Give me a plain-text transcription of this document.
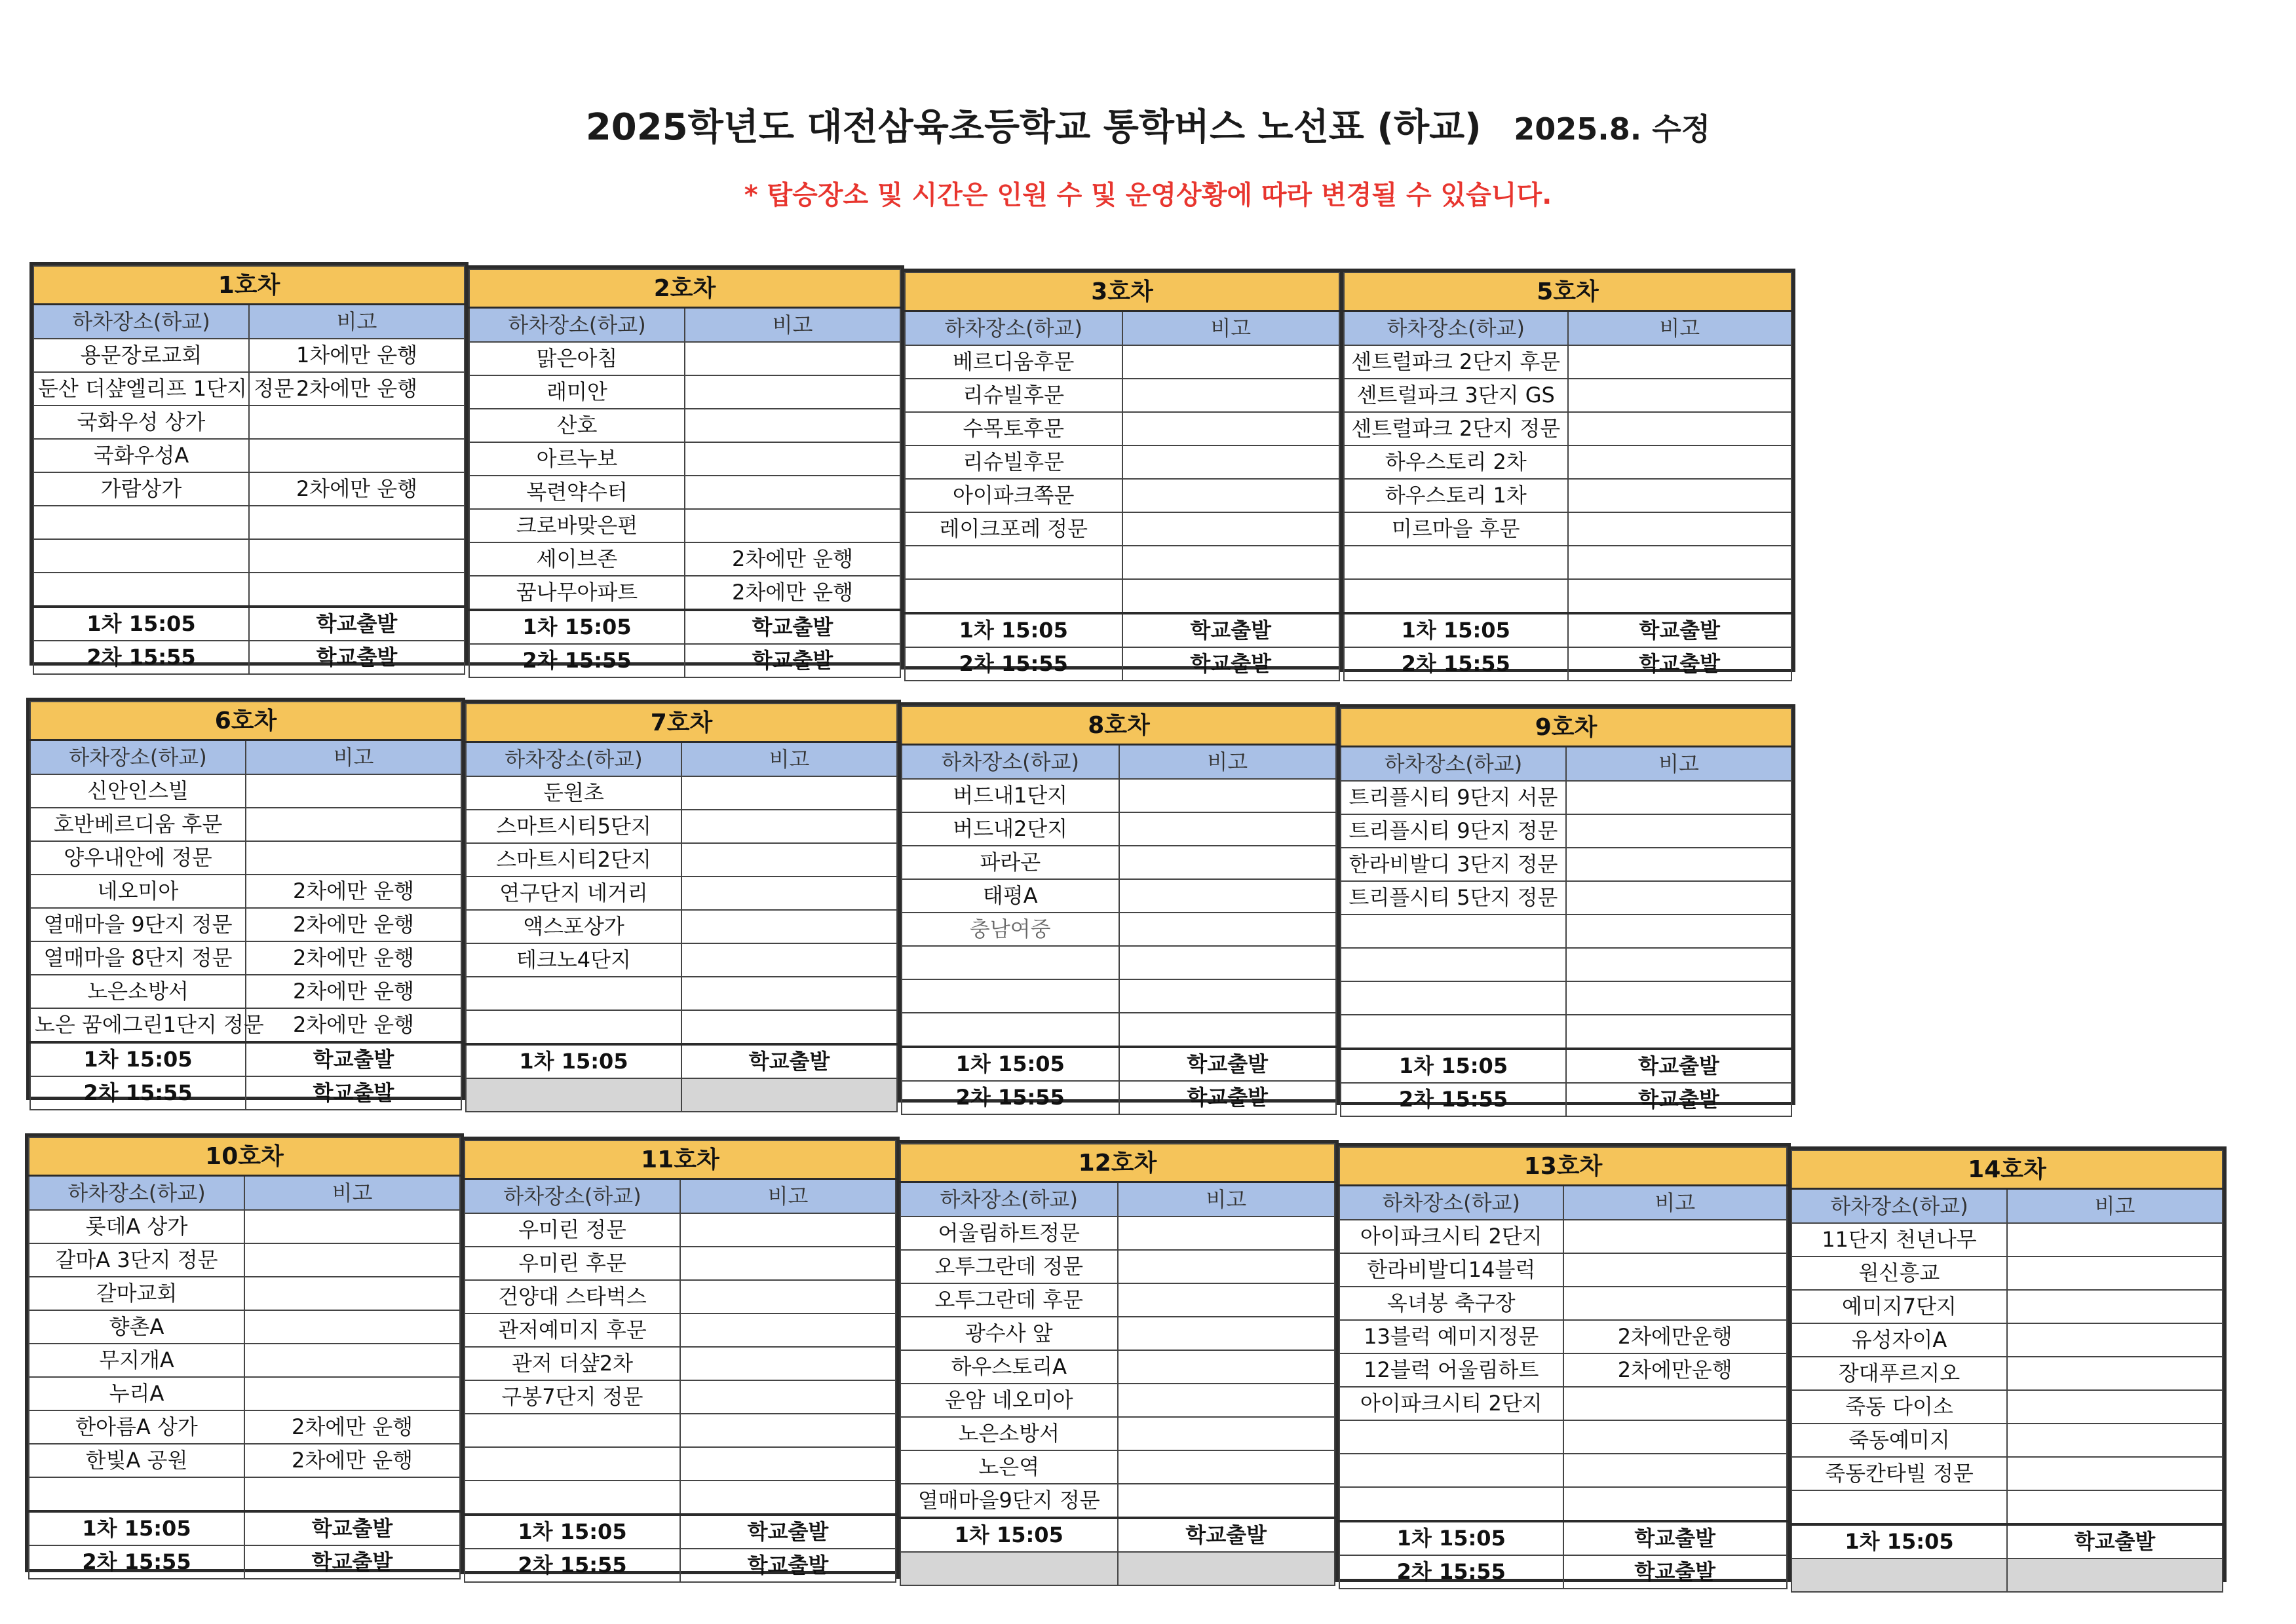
2025학년도 대전삼육초등학교 통학버스 노선표 (하교) 2025.8. 수정
* 탑승장소 및 시간은 인원 수 및 운영상황에 따라 변경될 수 있습니다.
1호차	
하차장소(하교)	비고
용문장로교회	1차에만 운행
둔산 더샾엘리프 1단지 정문	2차에만 운행
국화우성 상가	
국화우성A	
가람상가	2차에만 운행

1차 15:05	학교출발
2차 15:55	학교출발
2호차	
하차장소(하교)	비고
맑은아침	
래미안	
산호	
아르누보	
목련약수터	
크로바맞은편	
세이브존	2차에만 운행
꿈나무아파트	2차에만 운행
1차 15:05	학교출발
2차 15:55	학교출발
3호차	
하차장소(하교)	비고
베르디움후문	
리슈빌후문	
수목토후문	
리슈빌후문	
아이파크쪽문	
레이크포레 정문	

1차 15:05	학교출발
2차 15:55	학교출발
5호차	
하차장소(하교)	비고
센트럴파크 2단지 후문	
센트럴파크 3단지 GS	
센트럴파크 2단지 정문	
하우스토리 2차	
하우스토리 1차	
미르마을 후문	

1차 15:05	학교출발
2차 15:55	학교출발
6호차	
하차장소(하교)	비고
신안인스빌	
호반베르디움 후문	
양우내안에 정문	
네오미아	2차에만 운행
열매마을 9단지 정문	2차에만 운행
열매마을 8단지 정문	2차에만 운행
노은소방서	2차에만 운행
노은 꿈에그린1단지 정문	2차에만 운행
1차 15:05	학교출발
2차 15:55	학교출발
7호차	
하차장소(하교)	비고
둔원초	
스마트시티5단지	
스마트시티2단지	
연구단지 네거리	
액스포상가	
테크노4단지	

1차 15:05	학교출발

8호차	
하차장소(하교)	비고
버드내1단지	
버드내2단지	
파라곤	
태평A	
충남여중	

1차 15:05	학교출발
2차 15:55	학교출발
9호차	
하차장소(하교)	비고
트리플시티 9단지 서문	
트리플시티 9단지 정문	
한라비발디 3단지 정문	
트리플시티 5단지 정문	

1차 15:05	학교출발
2차 15:55	학교출발
10호차	
하차장소(하교)	비고
롯데A 상가	
갈마A 3단지 정문	
갈마교회	
향촌A	
무지개A	
누리A	
한아름A 상가	2차에만 운행
한빛A 공원	2차에만 운행

1차 15:05	학교출발
2차 15:55	학교출발
11호차	
하차장소(하교)	비고
우미린 정문	
우미린 후문	
건양대 스타벅스	
관저예미지 후문	
관저 더샾2차	
구봉7단지 정문	

1차 15:05	학교출발
2차 15:55	학교출발
12호차	
하차장소(하교)	비고
어울림하트정문	
오투그란데 정문	
오투그란데 후문	
광수사 앞	
하우스토리A	
운암 네오미아	
노은소방서	
노은역	
열매마을9단지 정문	
1차 15:05	학교출발

13호차	
하차장소(하교)	비고
아이파크시티 2단지	
한라비발디14블럭	
옥녀봉 축구장	
13블럭 예미지정문	2차에만운행
12블럭 어울림하트	2차에만운행
아이파크시티 2단지	

1차 15:05	학교출발
2차 15:55	학교출발
14호차	
하차장소(하교)	비고
11단지 천년나무	
원신흥교	
예미지7단지	
유성자이A	
장대푸르지오	
죽동 다이소	
죽동예미지	
죽동칸타빌 정문	

1차 15:05	학교출발
